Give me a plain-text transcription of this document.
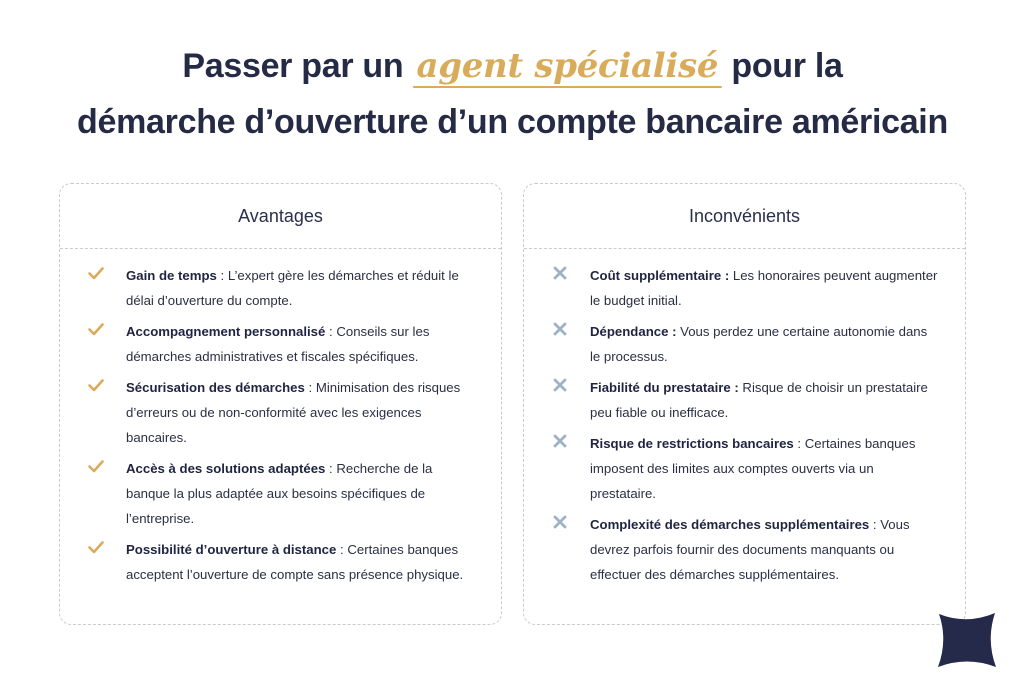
Passer par un agent spécialisé pour la
démarche d’ouverture d’un compte bancaire américain
Avantages

Gain de temps : L’expert gère les démarches et réduit le délai d’ouverture du compte.

Accompagnement personnalisé : Conseils sur les démarches administratives et fiscales spécifiques.

Sécurisation des démarches : Minimisation des risques d’erreurs ou de non-conformité avec les exigences bancaires.

Accès à des solutions adaptées : Recherche de la banque la plus adaptée aux besoins spécifiques de l’entreprise.

Possibilité d’ouverture à distance : Certaines banques acceptent l’ouverture de compte sans présence physique.

Inconvénients

Coût supplémentaire : Les honoraires peuvent augmenter le budget initial.

Dépendance : Vous perdez une certaine autonomie dans le processus.

Fiabilité du prestataire : Risque de choisir un prestataire peu fiable ou inefficace.

Risque de restrictions bancaires : Certaines banques imposent des limites aux comptes ouverts via un prestataire.

Complexité des démarches supplémentaires : Vous devrez parfois fournir des documents manquants ou effectuer des démarches supplémentaires.
